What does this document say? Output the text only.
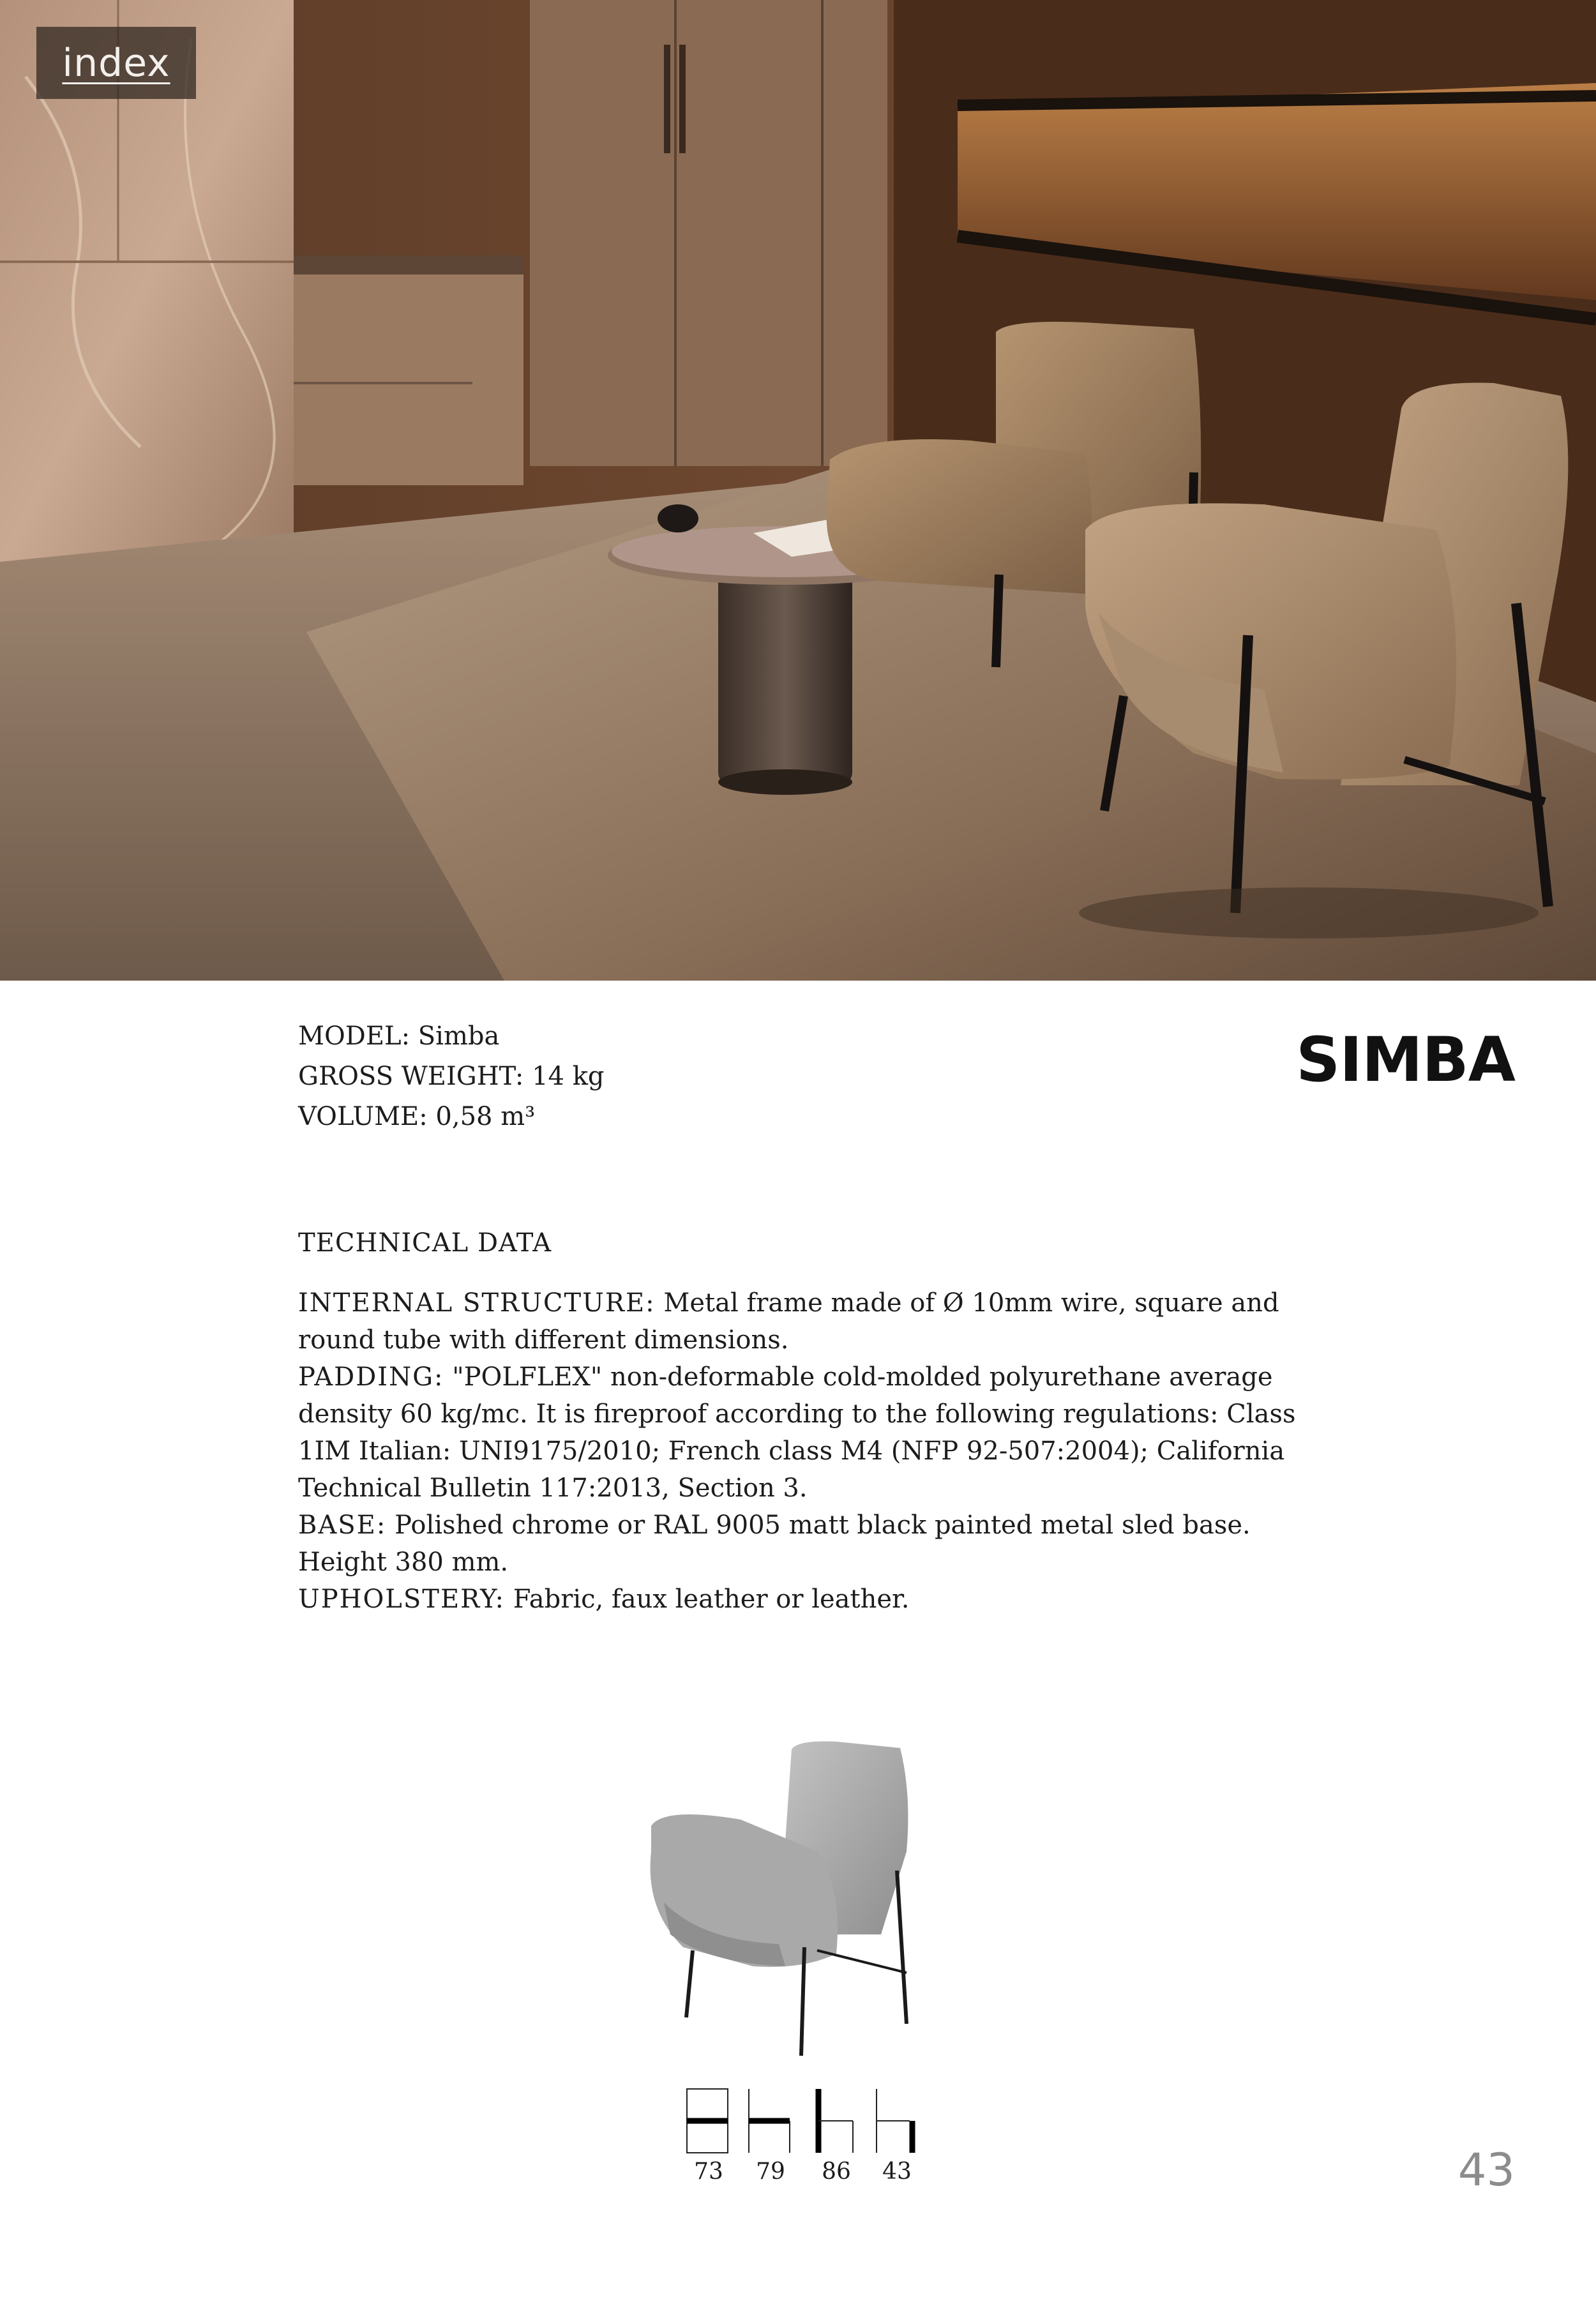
index
MODEL: Simba
GROSS WEIGHT: 14 kg
VOLUME: 0,58 m³
SIMBA
TECHNICAL DATA

INTERNAL STRUCTURE: Metal frame made of Ø 10mm wire, square and round tube with different dimensions.

PADDING: "POLFLEX" non-deformable cold-molded polyurethane average density 60 kg/mc. It is fireproof according to the following regulations: Class 1IM Italian: UNI9175/2010; French class M4 (NFP 92-507:2004); California Technical Bulletin 117:2013, Section 3.

BASE: Polished chrome or RAL 9005 matt black painted metal sled base. Height 380 mm.

UPHOLSTERY: Fabric, faux leather or leather.

73	79	86	43	43
